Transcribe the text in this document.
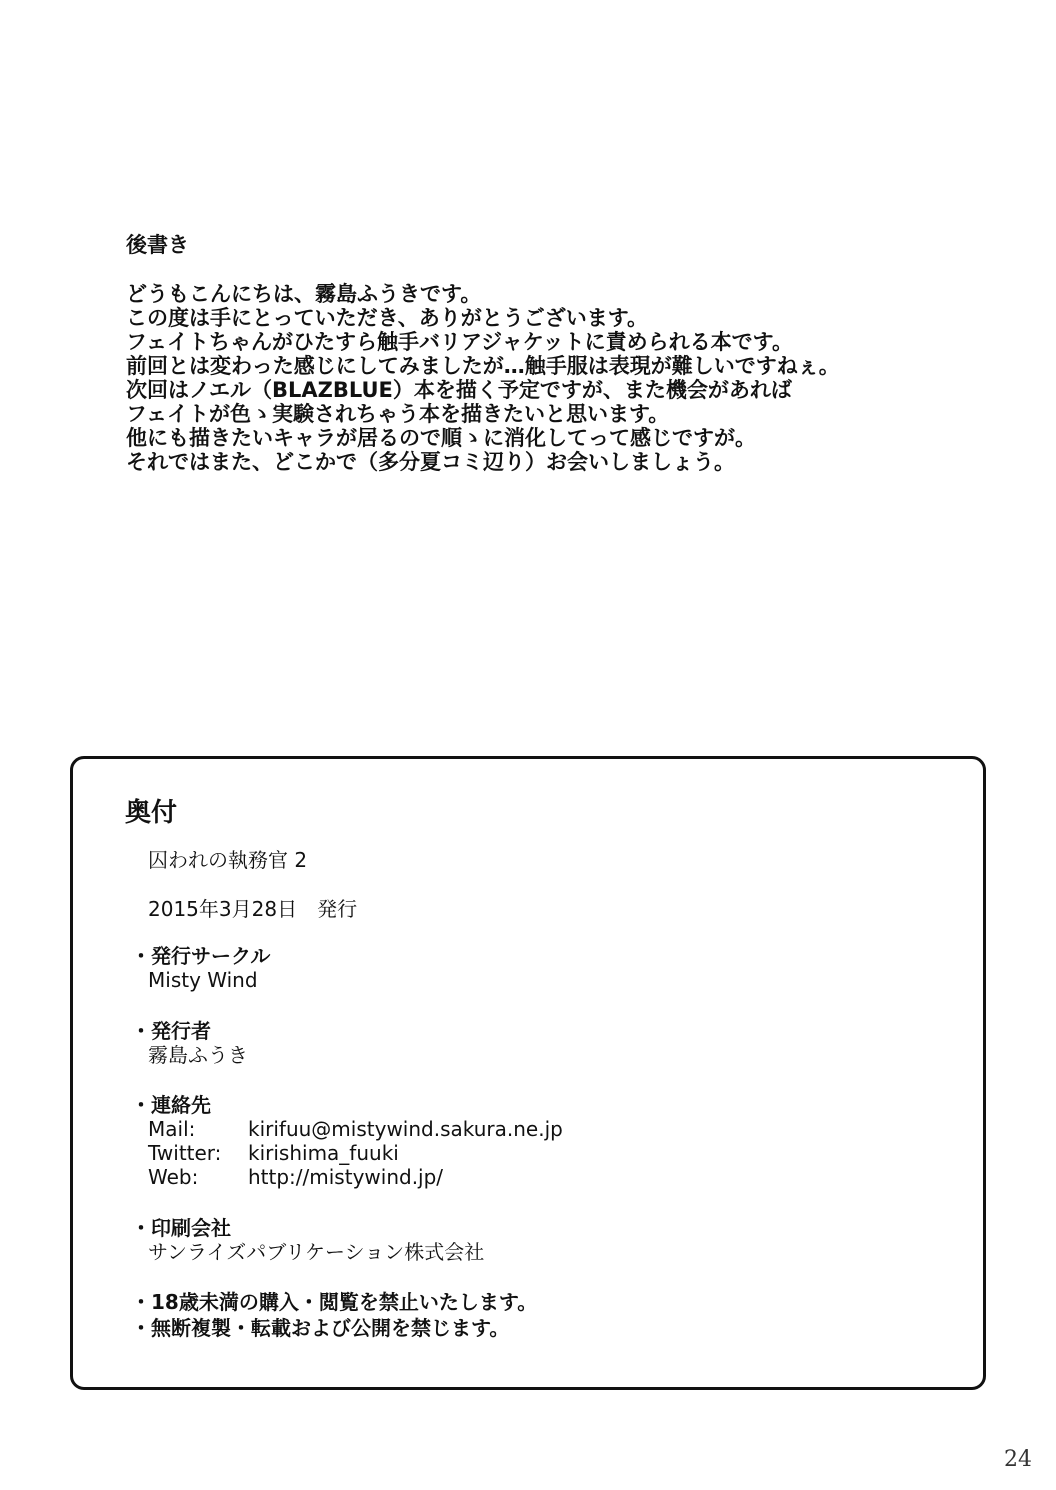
後書き
どうもこんにちは、霧島ふうきです。
この度は手にとっていただき、ありがとうございます。
フェイトちゃんがひたすら触手バリアジャケットに責められる本です。
前回とは変わった感じにしてみましたが…触手服は表現が難しいですねぇ。
次回はノエル（BLAZBLUE）本を描く予定ですが、また機会があれば
フェイトが色ゝ実験されちゃう本を描きたいと思います。
他にも描きたいキャラが居るので順ゝに消化してって感じですが。
それではまた、どこかで（多分夏コミ辺り）お会いしましょう。
奥付
囚われの執務官 2
2015年3月28日　発行
・発行サークル
Misty Wind
・発行者
霧島ふうき
・連絡先
Mail:	kirifuu@mistywind.sakura.ne.jp
Twitter:	kirishima_fuuki
Web:	http://mistywind.jp/
・印刷会社
サンライズパブリケーション株式会社
・18歳未満の購入・閲覧を禁止いたします。
・無断複製・転載および公開を禁じます。
24
